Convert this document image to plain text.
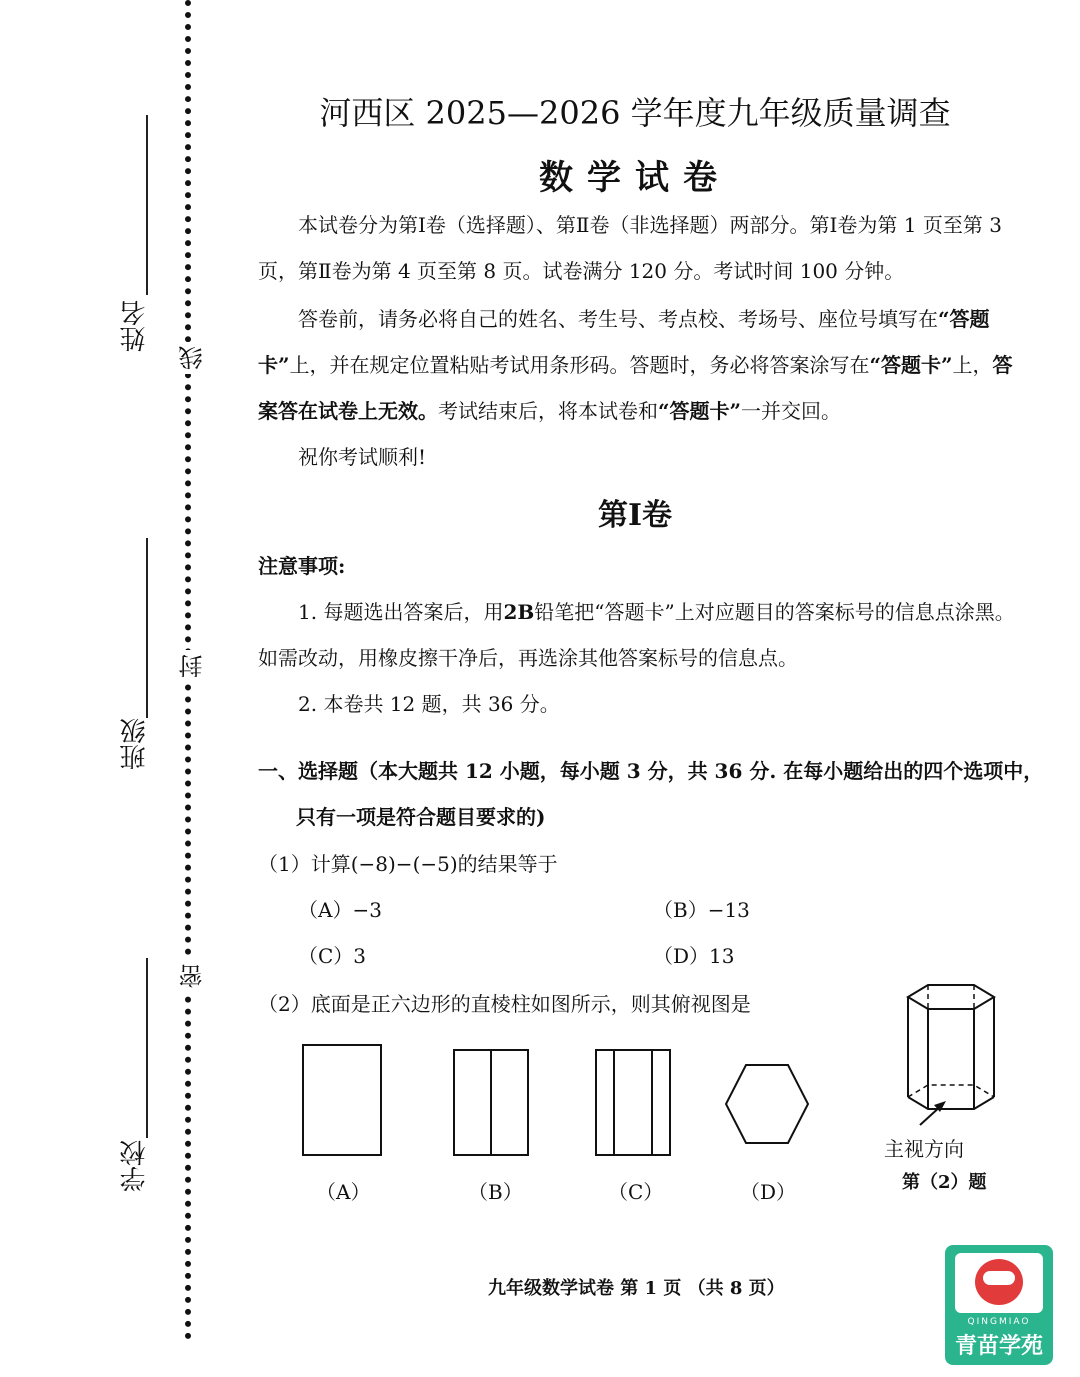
姓名
班级
学校
线
封
密
河西区 2025—2026 学年度九年级质量调查
数学试卷
本试卷分为第Ⅰ卷（选择题）、第Ⅱ卷（非选择题）两部分。第Ⅰ卷为第 1 页至第 3 页，第Ⅱ卷为第 4 页至第 8 页。试卷满分 120 分。考试时间 100 分钟。
答卷前，请务必将自己的姓名、考生号、考点校、考场号、座位号填写在“答题卡”上，并在规定位置粘贴考试用条形码。答题时，务必将答案涂写在“答题卡”上，答案答在试卷上无效。考试结束后，将本试卷和“答题卡”一并交回。
祝你考试顺利!
第Ⅰ卷
注意事项:
1. 每题选出答案后，用2B铅笔把“答题卡”上对应题目的答案标号的信息点涂黑。如需改动，用橡皮擦干净后，再选涂其他答案标号的信息点。
2. 本卷共 12 题，共 36 分。
一、选择题（本大题共 12 小题，每小题 3 分，共 36 分. 在每小题给出的四个选项中，
只有一项是符合题目要求的)
（1）计算(−8)−(−5)的结果等于
（A）−3	（B）−13
（C）3	（D）13
（2）底面是正六边形的直棱柱如图所示，则其俯视图是
（A）	（B）	（C）	（D）
主视方向
第（2）题
九年级数学试卷 第 1 页 （共 8 页）
QINGMIAO
青苗学苑
